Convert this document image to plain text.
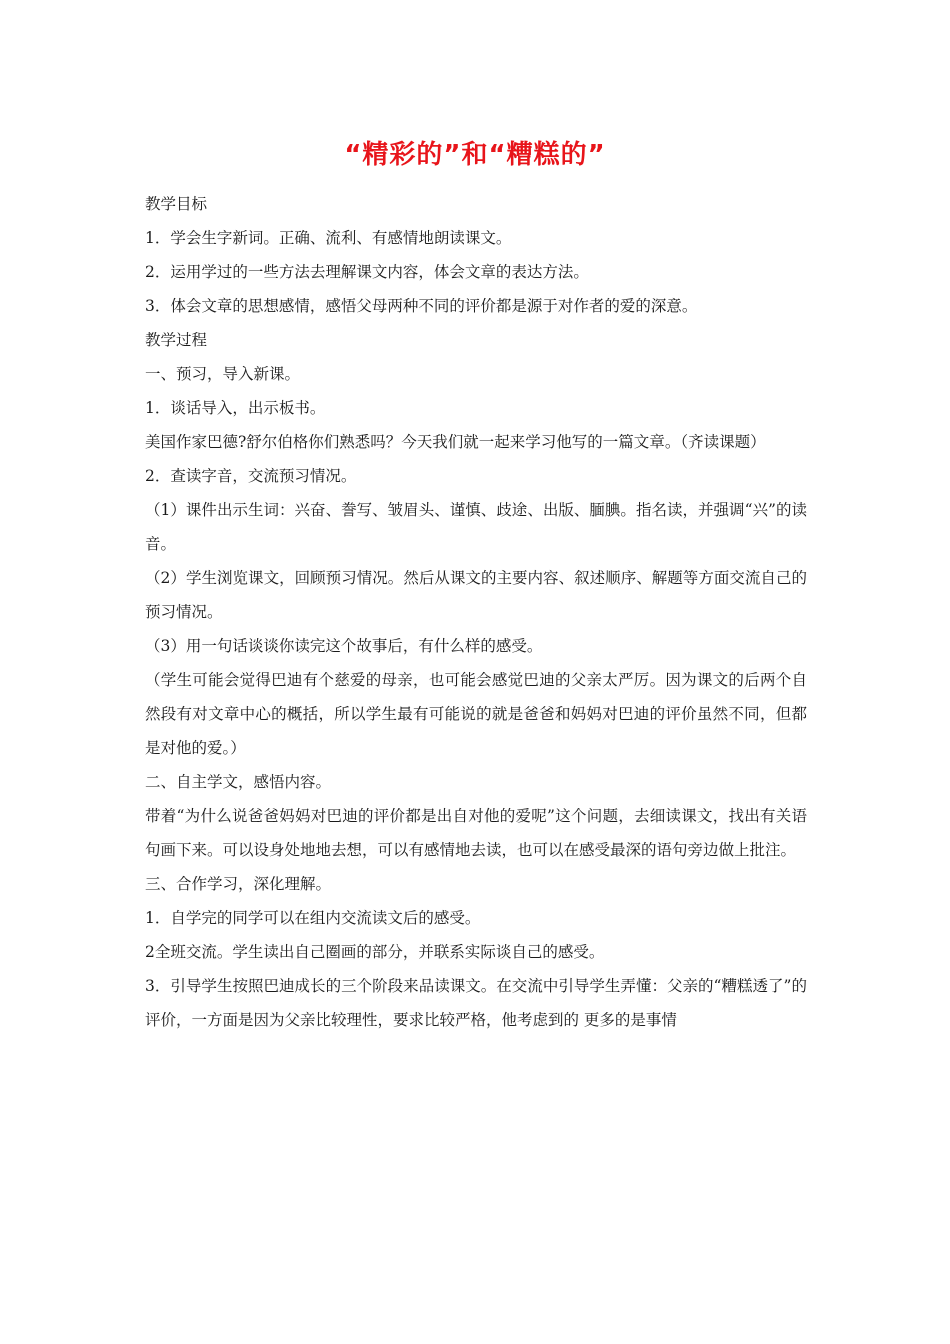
“精彩的”和“糟糕的”

教学目标

1．学会生字新词。正确、流利、有感情地朗读课文。

2．运用学过的一些方法去理解课文内容，体会文章的表达方法。

3．体会文章的思想感情，感悟父母两种不同的评价都是源于对作者的爱的深意。

教学过程

一、预习，导入新课。

1．谈话导入，出示板书。

美国作家巴德?舒尔伯格你们熟悉吗？今天我们就一起来学习他写的一篇文章。（齐读课题）

2．查读字音，交流预习情况。

（1）课件出示生词：兴奋、誊写、皱眉头、谨慎、歧途、出版、腼腆。指名读，并强调“兴”的读音。

（2）学生浏览课文，回顾预习情况。然后从课文的主要内容、叙述顺序、解题等方面交流自己的预习情况。

（3）用一句话谈谈你读完这个故事后，有什么样的感受。

（学生可能会觉得巴迪有个慈爱的母亲，也可能会感觉巴迪的父亲太严厉。因为课文的后两个自然段有对文章中心的概括，所以学生最有可能说的就是爸爸和妈妈对巴迪的评价虽然不同，但都是对他的爱。）

二、自主学文，感悟内容。

带着“为什么说爸爸妈妈对巴迪的评价都是出自对他的爱呢”这个问题，去细读课文，找出有关语句画下来。可以设身处地地去想，可以有感情地去读，也可以在感受最深的语句旁边做上批注。

三、合作学习，深化理解。

1．自学完的同学可以在组内交流读文后的感受。

2全班交流。学生读出自己圈画的部分，并联系实际谈自己的感受。

3．引导学生按照巴迪成长的三个阶段来品读课文。在交流中引导学生弄懂：父亲的“糟糕透了”的评价，一方面是因为父亲比较理性，要求比较严格，他考虑到的 更多的是事情
